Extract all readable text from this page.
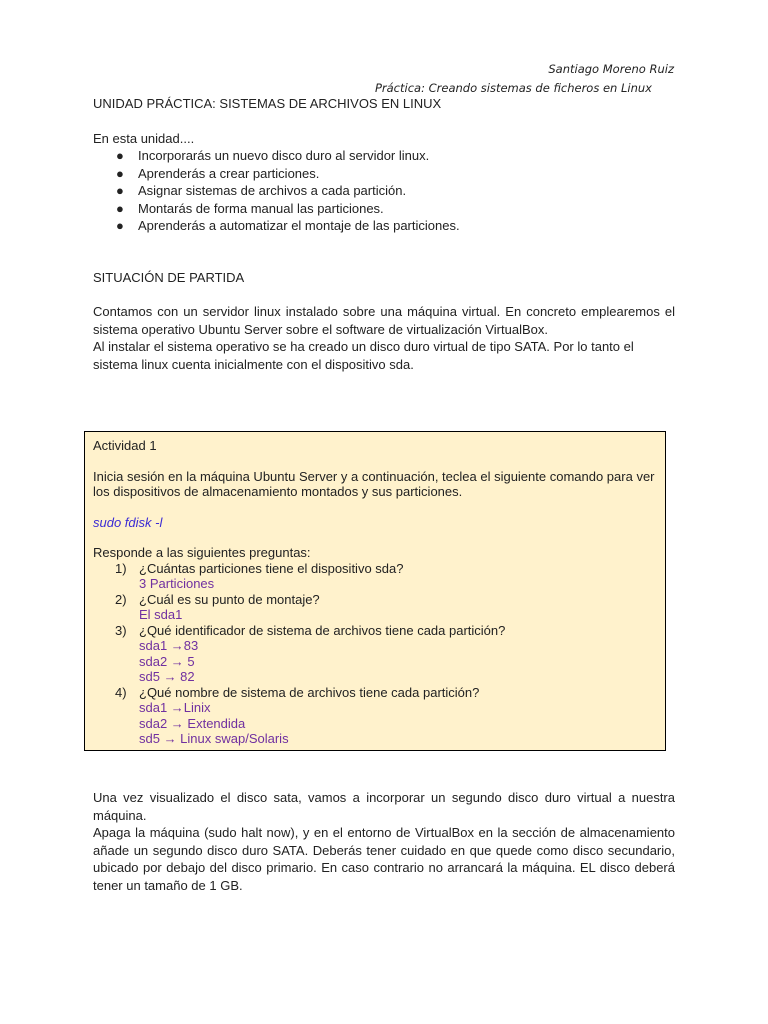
Santiago Moreno Ruiz
Práctica: Creando sistemas de ficheros en Linux

UNIDAD PRÁCTICA: SISTEMAS DE ARCHIVOS EN LINUX

En esta unidad....

● Incorporarás un nuevo disco duro al servidor linux.
● Aprenderás a crear particiones.
● Asignar sistemas de archivos a cada partición.
● Montarás de forma manual las particiones.
● Aprenderás a automatizar el montaje de las particiones.

SITUACIÓN DE PARTIDA

Contamos con un servidor linux instalado sobre una máquina virtual. En concreto emplearemos el sistema operativo Ubuntu Server sobre el software de virtualización VirtualBox.

Al instalar el sistema operativo se ha creado un disco duro virtual de tipo SATA. Por lo tanto el sistema linux cuenta inicialmente con el dispositivo sda.

Actividad 1

Inicia sesión en la máquina Ubuntu Server y a continuación, teclea el siguiente comando para ver los dispositivos de almacenamiento montados y sus particiones.

sudo fdisk -l

Responde a las siguientes preguntas:

1) ¿Cuántas particiones tiene el dispositivo sda?
3 Particiones
2) ¿Cuál es su punto de montaje?
El sda1
3) ¿Qué identificador de sistema de archivos tiene cada partición?
sda1 →83
sda2 → 5
sd5 → 82
4) ¿Qué nombre de sistema de archivos tiene cada partición?
sda1 →Linix
sda2 → Extendida
sd5 → Linux swap/Solaris

Una vez visualizado el disco sata, vamos a incorporar un segundo disco duro virtual a nuestra máquina.

Apaga la máquina (sudo halt now), y en el entorno de VirtualBox en la sección de almacenamiento añade un segundo disco duro SATA. Deberás tener cuidado en que quede como disco secundario, ubicado por debajo del disco primario. En caso contrario no arrancará la máquina. EL disco deberá tener un tamaño de 1 GB.
